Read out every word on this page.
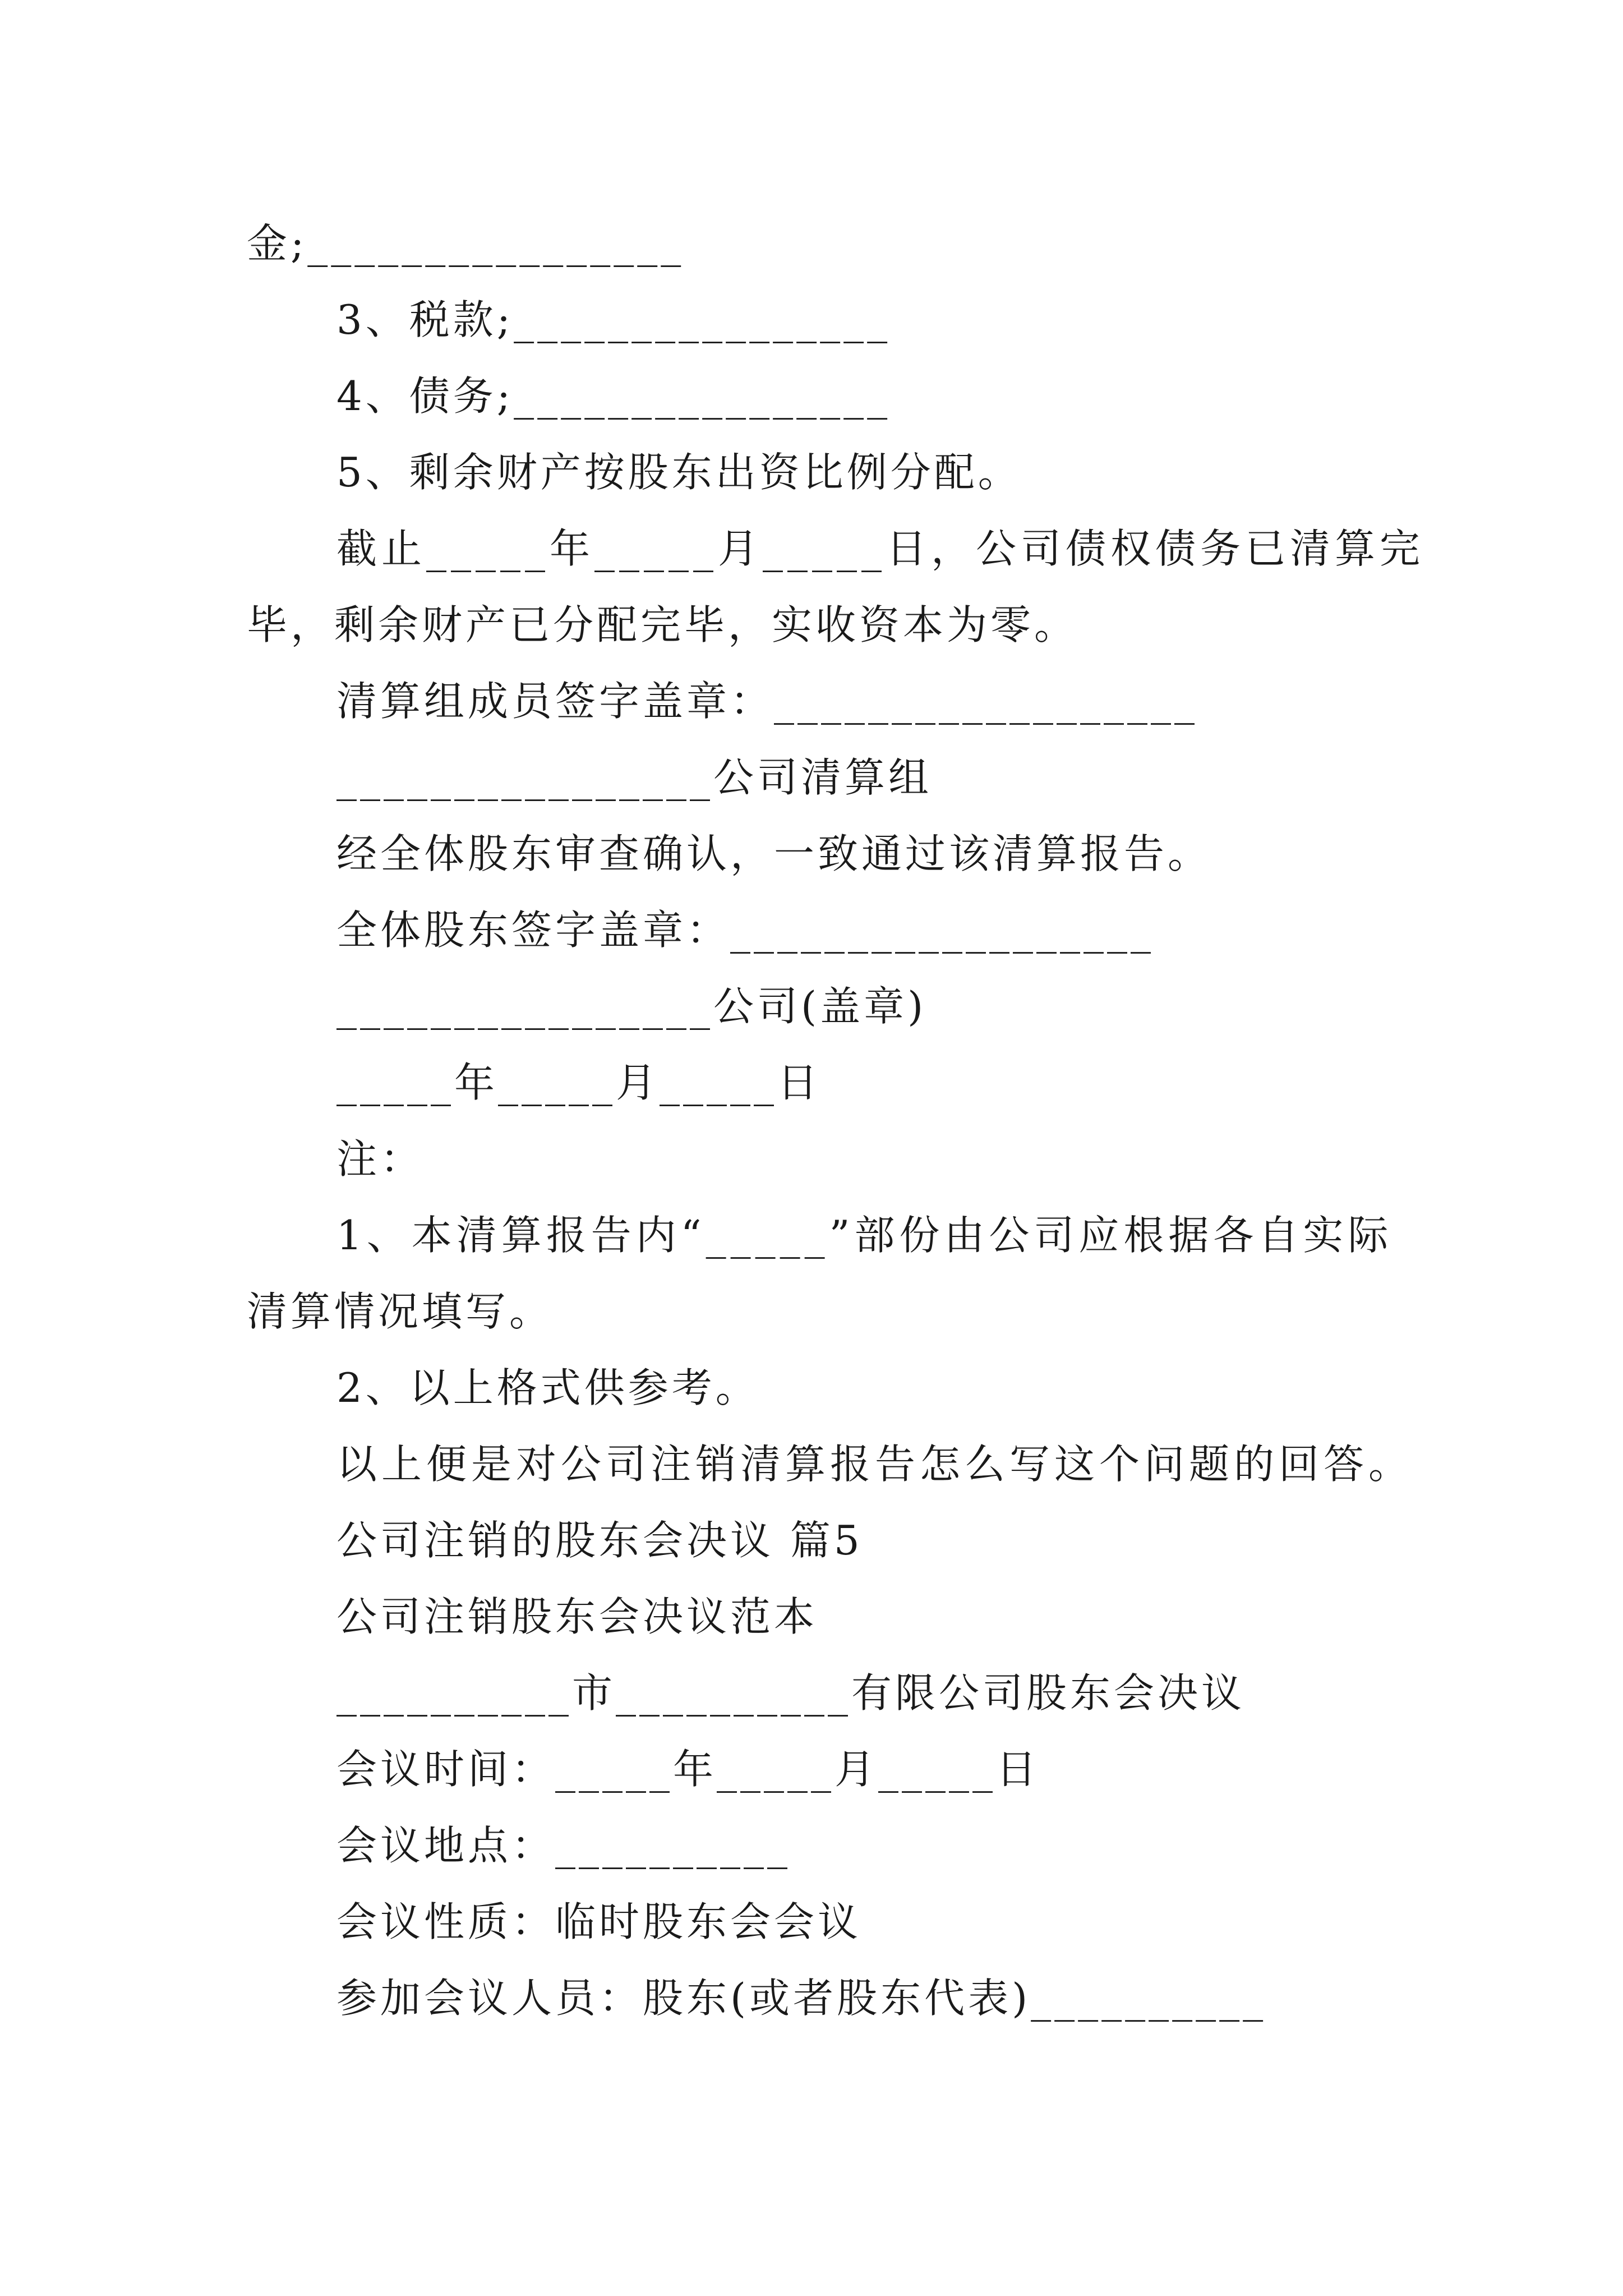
金;________________
3、税款;________________
4、债务;________________
5、剩余财产按股东出资比例分配。
截止_____年_____月_____日，公司债权债务已清算完
毕，剩余财产已分配完毕，实收资本为零。
清算组成员签字盖章：__________________
________________公司清算组
经全体股东审查确认，一致通过该清算报告。
全体股东签字盖章：__________________
________________公司(盖章)
_____年_____月_____日
注：
1、本清算报告内“_____”部份由公司应根据各自实际
清算情况填写。
2、以上格式供参考。
以上便是对公司注销清算报告怎么写这个问题的回答。
公司注销的股东会决议 篇5
公司注销股东会决议范本
__________市__________有限公司股东会决议
会议时间：_____年_____月_____日
会议地点：__________
会议性质：临时股东会会议
参加会议人员：股东(或者股东代表)__________
